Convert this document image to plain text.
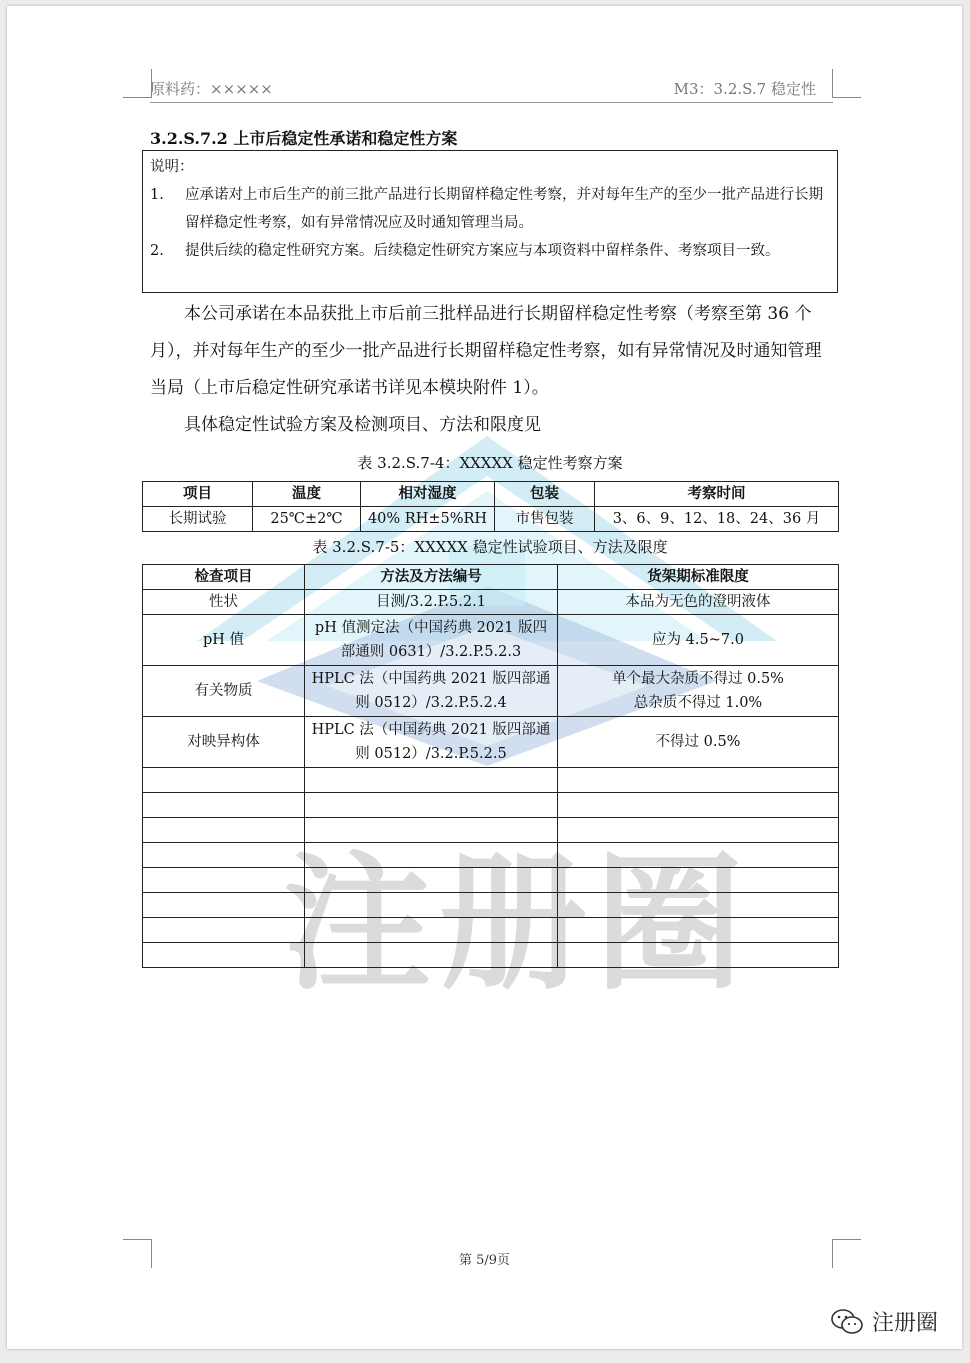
注册圈
原料药：×××××	M3：3.2.S.7 稳定性
3.2.S.7.2 上市后稳定性承诺和稳定性方案
说明：
1. 应承诺对上市后生产的前三批产品进行长期留样稳定性考察，并对每年生产的至少一批产品进行长期留样稳定性考察，如有异常情况应及时通知管理当局。
2. 提供后续的稳定性研究方案。后续稳定性研究方案应与本项资料中留样条件、考察项目一致。
本公司承诺在本品获批上市后前三批样品进行长期留样稳定性考察（考察至第 36 个月），并对每年生产的至少一批产品进行长期留样稳定性考察，如有异常情况及时通知管理当局（上市后稳定性研究承诺书详见本模块附件 1）。
具体稳定性试验方案及检测项目、方法和限度见
表 3.2.S.7-4：XXXXX 稳定性考察方案
项目	温度	相对湿度	包装	考察时间
长期试验	25℃±2℃	40% RH±5%RH	市售包装	3、6、9、12、18、24、36 月
表 3.2.S.7-5：XXXXX 稳定性试验项目、方法及限度
检查项目	方法及方法编号	货架期标准限度
性状	目测/3.2.P.5.2.1	本品为无色的澄明液体
pH 值	pH 值测定法（中国药典 2021 版四部通则 0631）/3.2.P.5.2.3	应为 4.5~7.0
有关物质	HPLC 法（中国药典 2021 版四部通则 0512）/3.2.P.5.2.4	单个最大杂质不得过 0.5%
总杂质不得过 1.0%
对映异构体	HPLC 法（中国药典 2021 版四部通则 0512）/3.2.P.5.2.5	不得过 0.5%

第 5/9页
注册圈
